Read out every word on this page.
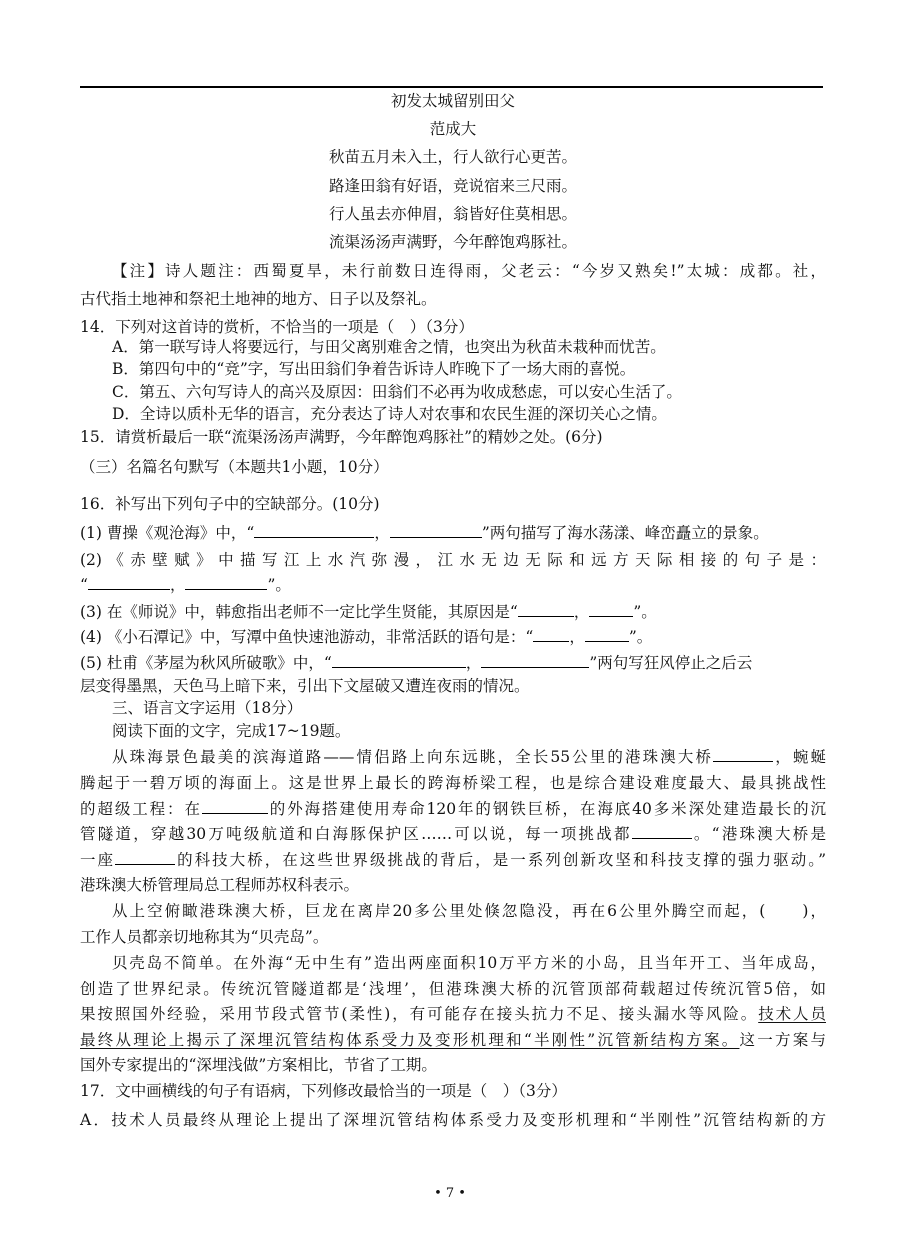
初发太城留别田父
范成大
秋苗五月未入土，行人欲行心更苦。
路逢田翁有好语，竞说宿来三尺雨。
行人虽去亦伸眉，翁皆好住莫相思。
流渠汤汤声满野，今年醉饱鸡豚社。
【注】诗人题注：西蜀夏旱，未行前数日连得雨，父老云：“今岁又熟矣!”太城：成都。社，
古代指土地神和祭祀土地神的地方、日子以及祭礼。
14．下列对这首诗的赏析，不恰当的一项是（　）（3分）
A．第一联写诗人将要远行，与田父离别难舍之情，也突出为秋苗未栽种而忧苦。
B．第四句中的“竞”字，写出田翁们争着告诉诗人昨晚下了一场大雨的喜悦。
C．第五、六句写诗人的高兴及原因：田翁们不必再为收成愁虑，可以安心生活了。
D．全诗以质朴无华的语言，充分表达了诗人对农事和农民生涯的深切关心之情。
15．请赏析最后一联“流渠汤汤声满野，今年醉饱鸡豚社”的精妙之处。(6分)
（三）名篇名句默写（本题共1小题，10分）
16．补写出下列句子中的空缺部分。(10分)
(1) 曹操《观沧海》中，“	，	”两句描写了海水荡漾、峰峦矗立的景象。
(2)《赤壁赋》中描写江上水汽弥漫，江水无边无际和远方天际相接的句子是：
“	，	”。
(3) 在《师说》中，韩愈指出老师不一定比学生贤能，其原因是“	，	”。
(4) 《小石潭记》中，写潭中鱼快速池游动，非常活跃的语句是：“ ，	”。
(5) 杜甫《茅屋为秋风所破歌》中，“	，	”两句写狂风停止之后云
层变得墨黑，天色马上暗下来，引出下文屋破又遭连夜雨的情况。
三、语言文字运用（18分）
阅读下面的文字，完成17~19题。
从珠海景色最美的滨海道路——情侣路上向东远眺，全长55公里的港珠澳大桥	，蜿蜒
腾起于一碧万顷的海面上。这是世界上最长的跨海桥梁工程，也是综合建设难度最大、最具挑战性
的超级工程：在	的外海搭建使用寿命120年的钢铁巨桥，在海底40多米深处建造最长的沉
管隧道，穿越30万吨级航道和白海豚保护区……可以说，每一项挑战都	。“港珠澳大桥是
一座	的科技大桥，在这些世界级挑战的背后，是一系列创新攻坚和科技支撑的强力驱动。”
港珠澳大桥管理局总工程师苏权科表示。
从上空俯瞰港珠澳大桥，巨龙在离岸20多公里处倏忽隐没，再在6公里外腾空而起，(　　)，
工作人员都亲切地称其为“贝壳岛”。
贝壳岛不简单。在外海“无中生有”造出两座面积10万平方米的小岛，且当年开工、当年成岛，
创造了世界纪录。传统沉管隧道都是‘浅埋’，但港珠澳大桥的沉管顶部荷载超过传统沉管5倍，如
果按照国外经验，采用节段式管节(柔性)，有可能存在接头抗力不足、接头漏水等风险。技术人员
最终从理论上揭示了深埋沉管结构体系受力及变形机理和“半刚性”沉管新结构方案。这一方案与
国外专家提出的“深埋浅做”方案相比，节省了工期。
17．文中画横线的句子有语病，下列修改最恰当的一项是（　）（3分）
A．技术人员最终从理论上提出了深埋沉管结构体系受力及变形机理和“半刚性”沉管结构新的方
• 7 •
